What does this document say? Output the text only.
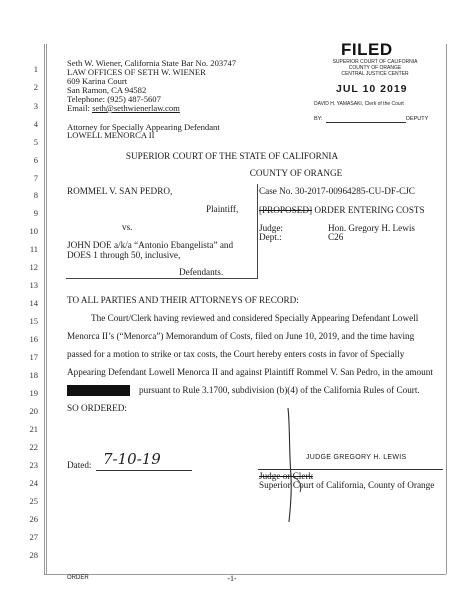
1
2
3
4
5
6
7
8
9
10
11
12
13
14
15
16
17
18
19
20
21
22
23
24
25
26
27
28
FILED
SUPERIOR COURT OF CALIFORNIA
COUNTY OF ORANGE
CENTRAL JUSTICE CENTER
JUL 10 2019
DAVID H. YAMASAKI, Clerk of the Court
BY:	DEPUTY
Seth W. Wiener, California State Bar No. 203747
LAW OFFICES OF SETH W. WIENER
609 Karina Court
San Ramon, CA 94582
Telephone: (925) 487-5607
Email: seth@sethwienerlaw.com
Attorney for Specially Appearing Defendant
LOWELL MENORCA II
SUPERIOR COURT OF THE STATE OF CALIFORNIA
COUNTY OF ORANGE
ROMMEL V. SAN PEDRO,
Plaintiff,
vs.
JOHN DOE a/k/a “Antonio Ebangelista” and
DOES 1 through 50, inclusive,
Defendants.
Case No. 30-2017-00964285-CU-DF-CJC
[PROPOSED] ORDER ENTERING COSTS
Judge:	Hon. Gregory H. Lewis
Dept.:	C26
TO ALL PARTIES AND THEIR ATTORNEYS OF RECORD:
The Court/Clerk having reviewed and considered Specially Appearing Defendant Lowell
Menorca II’s (“Menorca”) Memorandum of Costs, filed on June 10, 2019, and the time having
passed for a motion to strike or tax costs, the Court hereby enters costs in favor of Specially
Appearing Defendant Lowell Menorca II and against Plaintiff Rommel V. San Pedro, in the amount
pursuant to Rule 3.1700, subdivision (b)(4) of the California Rules of Court.
SO ORDERED:
Dated: 7-10-19	JUDGE GREGORY H. LEWIS
Judge or Clerk
Superior Court of California, County of Orange
ORDER	-1-
